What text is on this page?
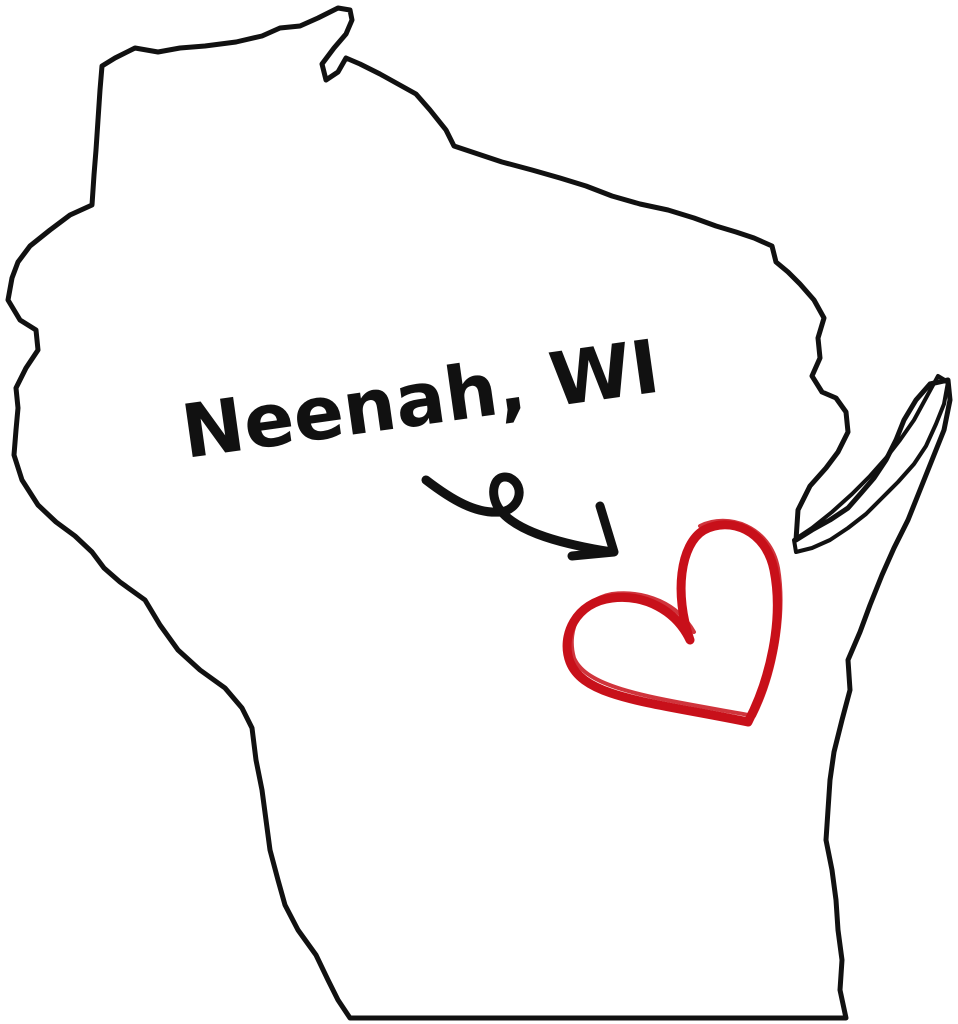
Neenah, WI
